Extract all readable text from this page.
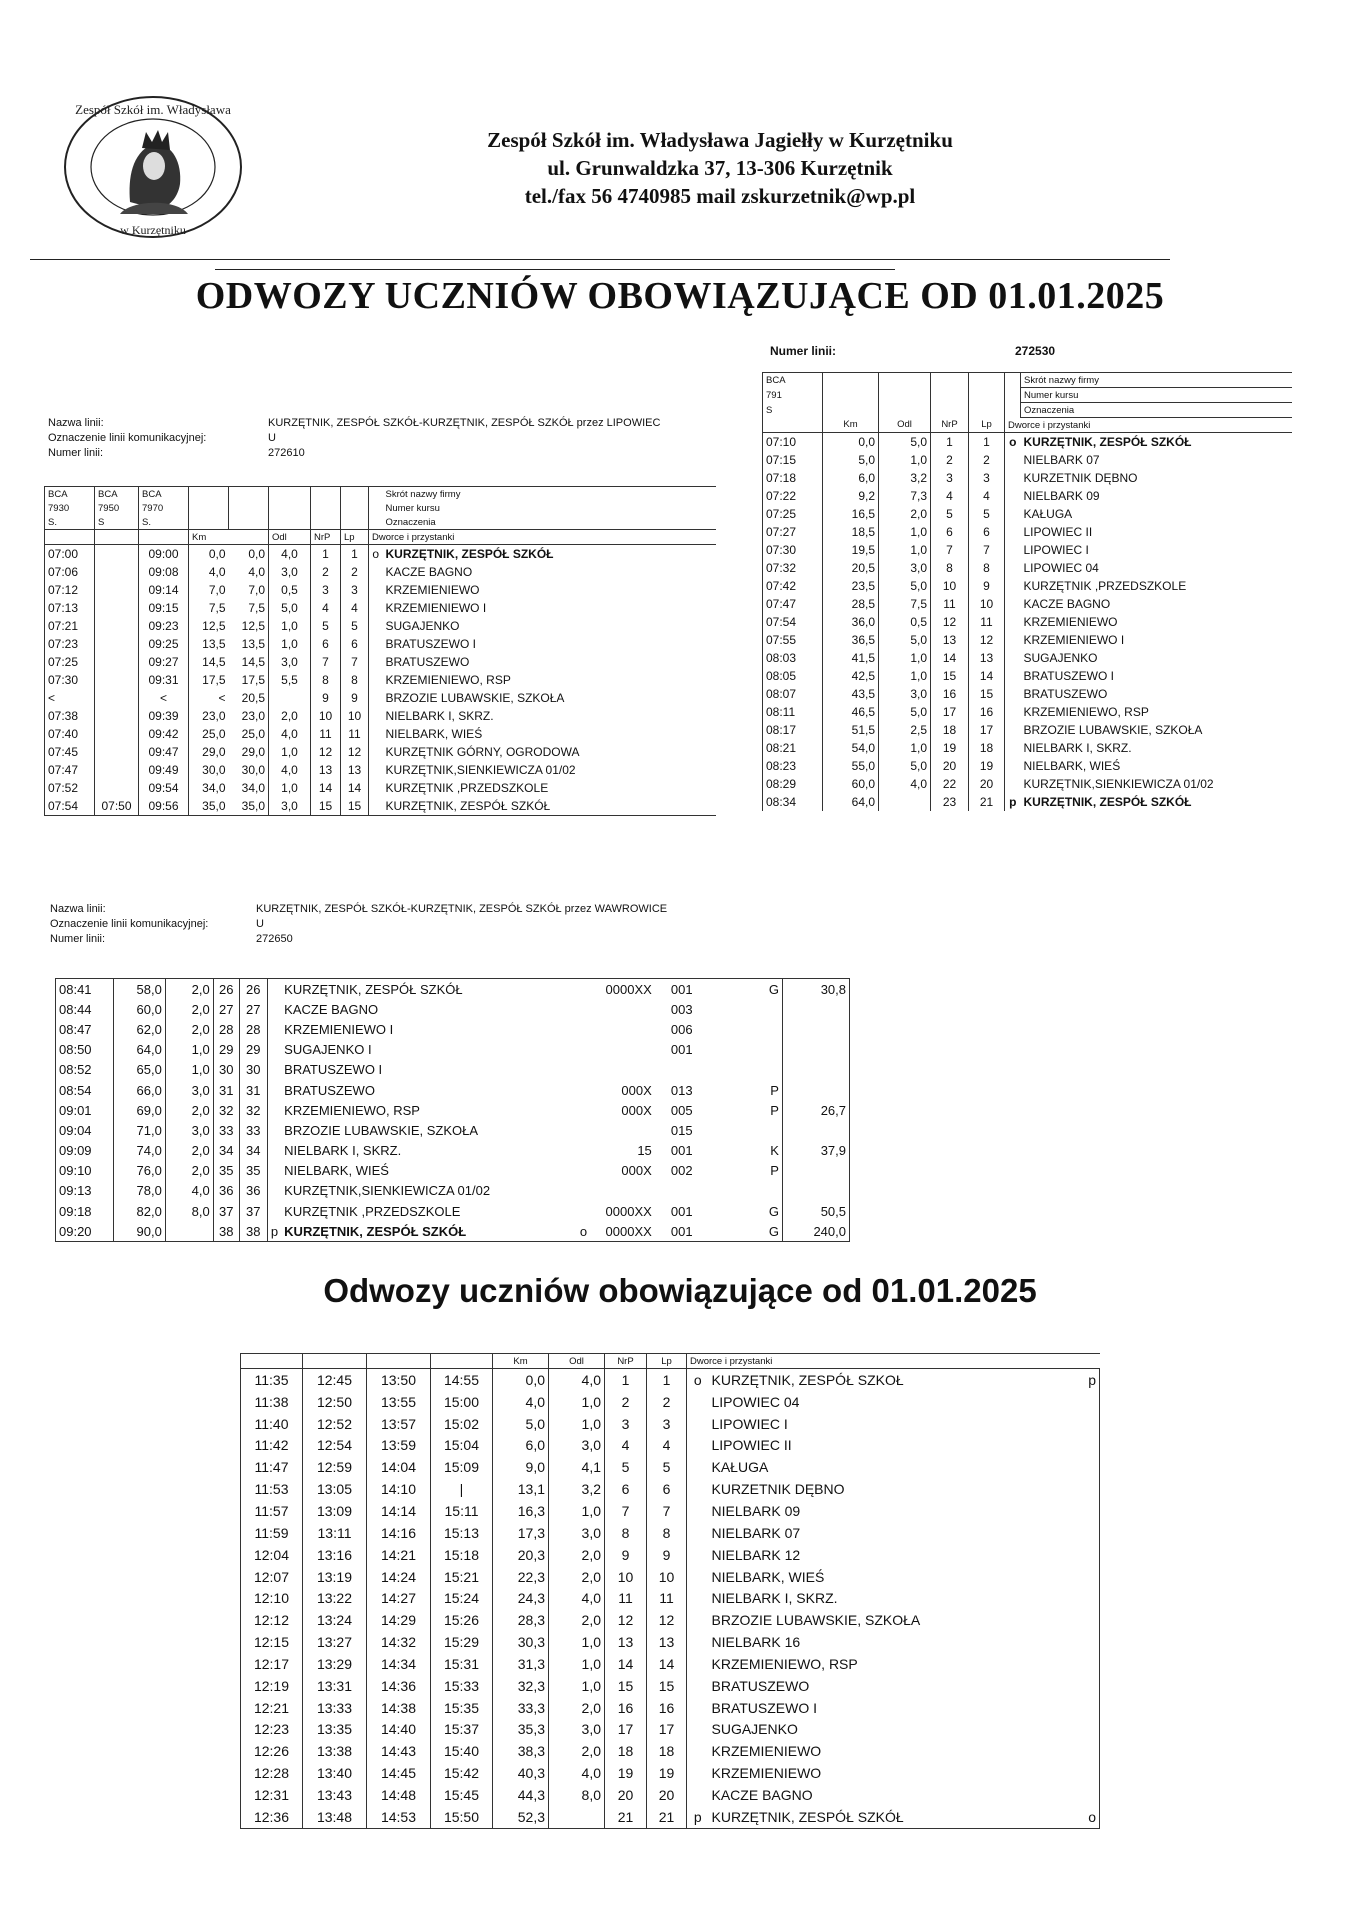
Zespół Szkół im. Władysława
w Kurzętniku
Zespół Szkół im. Władysława Jagiełły w Kurzętniku
ul. Grunwaldzka 37, 13-306 Kurzętnik
tel./fax 56 4740985 mail zskurzetnik@wp.pl
ODWOZY UCZNIÓW OBOWIĄZUJĄCE OD 01.01.2025
Nazwa linii:	KURZĘTNIK, ZESPÓŁ SZKÓŁ-KURZĘTNIK, ZESPÓŁ SZKÓŁ przez LIPOWIEC
Oznaczenie linii komunikacyjnej:	U
Numer linii:	272610
BCA	BCA	BCA							Skrót nazwy firmy
7930	7950	7970							Numer kursu
S.	S	S.							Oznaczenia
			Km		Odl	NrP	Lp	Dworce i przystanki	
07:00		09:00	0,0	0,0	4,0	1	1	o	KURZĘTNIK, ZESPÓŁ SZKÓŁ
07:06		09:08	4,0	4,0	3,0	2	2		KACZE BAGNO
07:12		09:14	7,0	7,0	0,5	3	3		KRZEMIENIEWO
07:13		09:15	7,5	7,5	5,0	4	4		KRZEMIENIEWO I
07:21		09:23	12,5	12,5	1,0	5	5		SUGAJENKO
07:23		09:25	13,5	13,5	1,0	6	6		BRATUSZEWO I
07:25		09:27	14,5	14,5	3,0	7	7		BRATUSZEWO
07:30		09:31	17,5	17,5	5,5	8	8		KRZEMIENIEWO, RSP
<		<	<	20,5		9	9		BRZOZIE LUBAWSKIE, SZKOŁA
07:38		09:39	23,0	23,0	2,0	10	10		NIELBARK I, SKRZ.
07:40		09:42	25,0	25,0	4,0	11	11		NIELBARK, WIEŚ
07:45		09:47	29,0	29,0	1,0	12	12		KURZĘTNIK GÓRNY, OGRODOWA
07:47		09:49	30,0	30,0	4,0	13	13		KURZĘTNIK,SIENKIEWICZA 01/02
07:52		09:54	34,0	34,0	1,0	14	14		KURZĘTNIK ,PRZEDSZKOLE
07:54	07:50	09:56	35,0	35,0	3,0	15	15		KURZĘTNIK, ZESPÓŁ SZKÓŁ
Numer linii:	272530
BCA						Skrót nazwy firmy
791						Numer kursu
S						Oznaczenia
	Km	Odl	NrP	Lp	Dworce i przystanki	
07:10	0,0	5,0	1	1	o	KURZĘTNIK, ZESPÓŁ SZKÓŁ
07:15	5,0	1,0	2	2		NIELBARK 07
07:18	6,0	3,2	3	3		KURZETNIK DĘBNO
07:22	9,2	7,3	4	4		NIELBARK 09
07:25	16,5	2,0	5	5		KAŁUGA
07:27	18,5	1,0	6	6		LIPOWIEC II
07:30	19,5	1,0	7	7		LIPOWIEC I
07:32	20,5	3,0	8	8		LIPOWIEC 04
07:42	23,5	5,0	10	9		KURZĘTNIK ,PRZEDSZKOLE
07:47	28,5	7,5	11	10		KACZE BAGNO
07:54	36,0	0,5	12	11		KRZEMIENIEWO
07:55	36,5	5,0	13	12		KRZEMIENIEWO I
08:03	41,5	1,0	14	13		SUGAJENKO
08:05	42,5	1,0	15	14		BRATUSZEWO I
08:07	43,5	3,0	16	15		BRATUSZEWO
08:11	46,5	5,0	17	16		KRZEMIENIEWO, RSP
08:17	51,5	2,5	18	17		BRZOZIE LUBAWSKIE, SZKOŁA
08:21	54,0	1,0	19	18		NIELBARK I, SKRZ.
08:23	55,0	5,0	20	19		NIELBARK, WIEŚ
08:29	60,0	4,0	22	20		KURZĘTNIK,SIENKIEWICZA 01/02
08:34	64,0		23	21	p	KURZĘTNIK, ZESPÓŁ SZKÓŁ
Nazwa linii:	KURZĘTNIK, ZESPÓŁ SZKÓŁ-KURZĘTNIK, ZESPÓŁ SZKÓŁ przez WAWROWICE
Oznaczenie linii komunikacyjnej:	U
Numer linii:	272650
08:41	58,0	2,0	26	26		KURZĘTNIK, ZESPÓŁ SZKÓŁ		0000XX	001	G	30,8
08:44	60,0	2,0	27	27		KACZE BAGNO			003		
08:47	62,0	2,0	28	28		KRZEMIENIEWO I			006		
08:50	64,0	1,0	29	29		SUGAJENKO I			001		
08:52	65,0	1,0	30	30		BRATUSZEWO I					
08:54	66,0	3,0	31	31		BRATUSZEWO		000X	013	P	
09:01	69,0	2,0	32	32		KRZEMIENIEWO, RSP		000X	005	P	26,7
09:04	71,0	3,0	33	33		BRZOZIE LUBAWSKIE, SZKOŁA			015		
09:09	74,0	2,0	34	34		NIELBARK I, SKRZ.		15	001	K	37,9
09:10	76,0	2,0	35	35		NIELBARK, WIEŚ		000X	002	P	
09:13	78,0	4,0	36	36		KURZĘTNIK,SIENKIEWICZA 01/02					
09:18	82,0	8,0	37	37		KURZĘTNIK ,PRZEDSZKOLE		0000XX	001	G	50,5
09:20	90,0		38	38	p	KURZĘTNIK, ZESPÓŁ SZKÓŁ	o	0000XX	001	G	240,0
Odwozy uczniów obowiązujące od 01.01.2025
				Km	Odl	NrP	Lp	Dworce i przystanki		
11:35	12:45	13:50	14:55	0,0	4,0	1	1	o	KURZĘTNIK, ZESPÓŁ SZKOŁ	p
11:38	12:50	13:55	15:00	4,0	1,0	2	2		LIPOWIEC 04	
11:40	12:52	13:57	15:02	5,0	1,0	3	3		LIPOWIEC I	
11:42	12:54	13:59	15:04	6,0	3,0	4	4		LIPOWIEC II	
11:47	12:59	14:04	15:09	9,0	4,1	5	5		KAŁUGA	
11:53	13:05	14:10	|	13,1	3,2	6	6		KURZETNIK DĘBNO	
11:57	13:09	14:14	15:11	16,3	1,0	7	7		NIELBARK 09	
11:59	13:11	14:16	15:13	17,3	3,0	8	8		NIELBARK 07	
12:04	13:16	14:21	15:18	20,3	2,0	9	9		NIELBARK 12	
12:07	13:19	14:24	15:21	22,3	2,0	10	10		NIELBARK, WIEŚ	
12:10	13:22	14:27	15:24	24,3	4,0	11	11		NIELBARK I, SKRZ.	
12:12	13:24	14:29	15:26	28,3	2,0	12	12		BRZOZIE LUBAWSKIE, SZKOŁA	
12:15	13:27	14:32	15:29	30,3	1,0	13	13		NIELBARK 16	
12:17	13:29	14:34	15:31	31,3	1,0	14	14		KRZEMIENIEWO, RSP	
12:19	13:31	14:36	15:33	32,3	1,0	15	15		BRATUSZEWO	
12:21	13:33	14:38	15:35	33,3	2,0	16	16		BRATUSZEWO I	
12:23	13:35	14:40	15:37	35,3	3,0	17	17		SUGAJENKO	
12:26	13:38	14:43	15:40	38,3	2,0	18	18		KRZEMIENIEWO	
12:28	13:40	14:45	15:42	40,3	4,0	19	19		KRZEMIENIEWO	
12:31	13:43	14:48	15:45	44,3	8,0	20	20		KACZE BAGNO	
12:36	13:48	14:53	15:50	52,3		21	21	p	KURZĘTNIK, ZESPÓŁ SZKÓŁ	o
